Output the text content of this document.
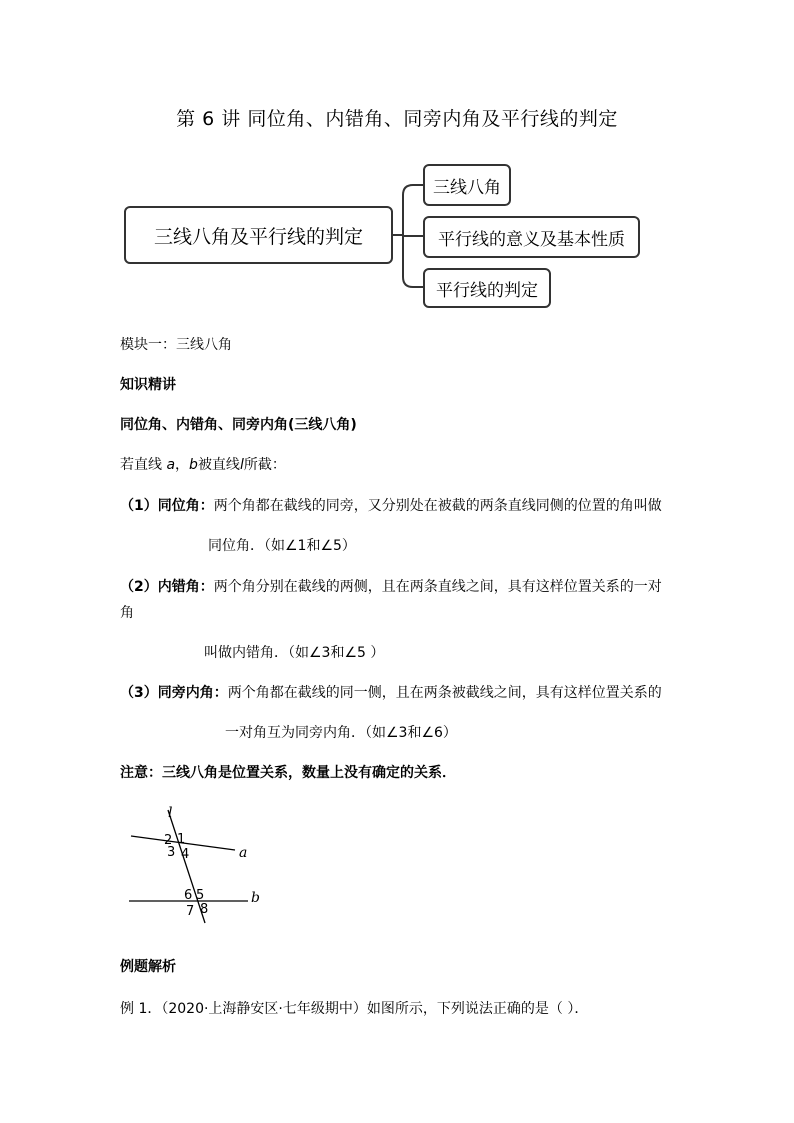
第 6 讲 同位角、内错角、同旁内角及平行线的判定
三线八角及平行线的判定
三线八角
平行线的意义及基本性质
平行线的判定
模块一：三线八角
知识精讲
同位角、内错角、同旁内角(三线八角)
若直线 a，b被直线l所截：
（1）同位角：两个角都在截线的同旁，又分别处在被截的两条直线同侧的位置的角叫做
同位角．（如∠1和∠5）
（2）内错角：两个角分别在截线的两侧，且在两条直线之间，具有这样位置关系的一对
角
叫做内错角．（如∠3和∠5 ）
（3）同旁内角：两个角都在截线的同一侧，且在两条被截线之间，具有这样位置关系的
一对角互为同旁内角．（如∠3和∠6）
注意：三线八角是位置关系，数量上没有确定的关系．
l
a
b
2 1
3 4
6 5
7 8
例题解析
例 1．（2020·上海静安区·七年级期中）如图所示，下列说法正确的是（ ）．
